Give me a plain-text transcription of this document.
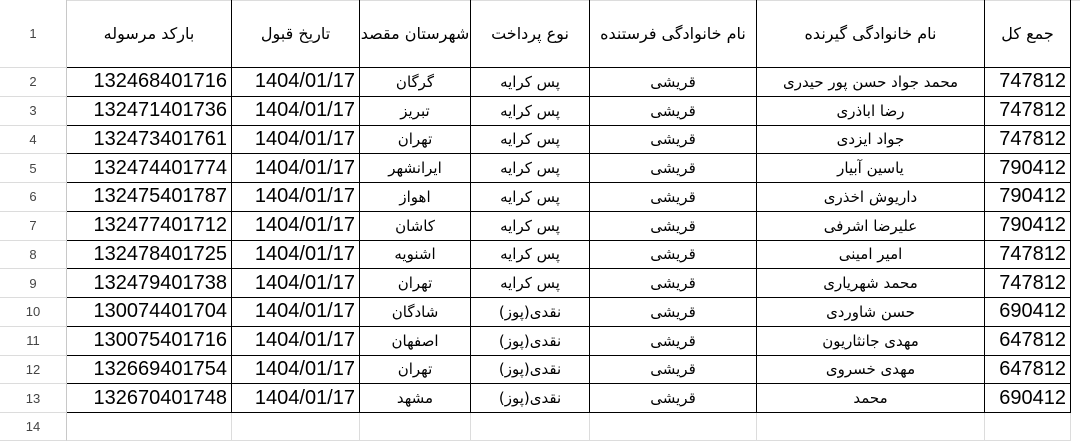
1	بارکد مرسوله	تاریخ قبول	شهرستان مقصد	نوع پرداخت	نام خانوادگی فرستنده	نام خانوادگی گیرنده	جمع کل
2	132468401716	1404/01/17	گرگان	پس کرایه	قریشی	محمد جواد حسن پور حیدری	747812
3	132471401736	1404/01/17	تبریز	پس کرایه	قریشی	رضا اباذری	747812
4	132473401761	1404/01/17	تهران	پس کرایه	قریشی	جواد ایزدی	747812
5	132474401774	1404/01/17	ایرانشهر	پس کرایه	قریشی	یاسین آبیار	790412
6	132475401787	1404/01/17	اهواز	پس کرایه	قریشی	داریوش اخذری	790412
7	132477401712	1404/01/17	کاشان	پس کرایه	قریشی	علیرضا اشرفی	790412
8	132478401725	1404/01/17	اشنویه	پس کرایه	قریشی	امیر امینی	747812
9	132479401738	1404/01/17	تهران	پس کرایه	قریشی	محمد شهریاری	747812
10	130074401704	1404/01/17	شادگان	نقدی(پوز)	قریشی	حسن شاوردی	690412
11	130075401716	1404/01/17	اصفهان	نقدی(پوز)	قریشی	مهدی جانثاریون	647812
12	132669401754	1404/01/17	تهران	نقدی(پوز)	قریشی	مهدی خسروی	647812
13	132670401748	1404/01/17	مشهد	نقدی(پوز)	قریشی	محمد	690412
14
